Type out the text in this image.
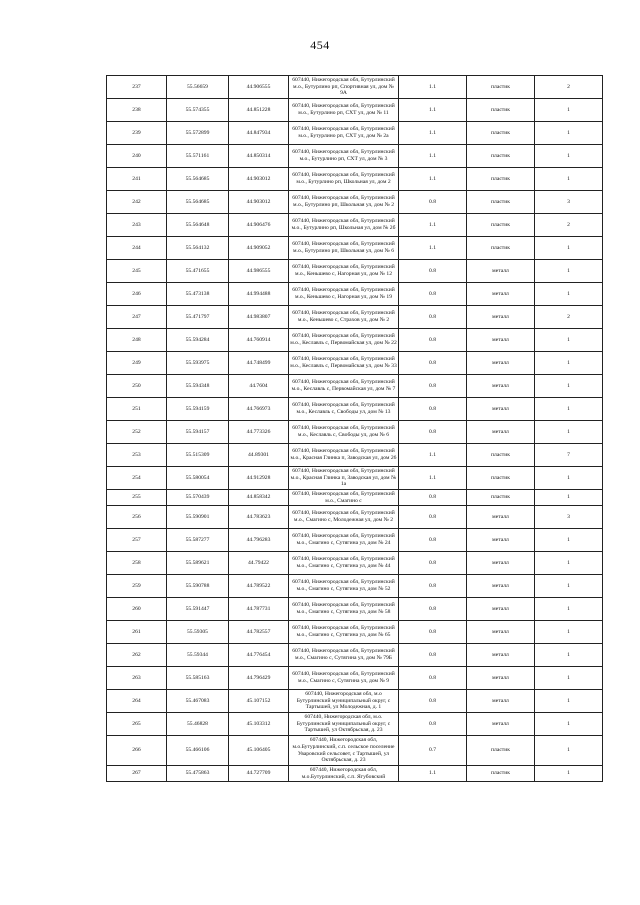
454
237	55.56659	44.906555	607440, Нижегородская обл, Бутурлинский м.о., Бутурлино рп, Спортивная ул, дом № 9А	1.1	пластик	2
238	55.574355	44.851228	607440, Нижегородская обл, Бутурлинский м.о., Бутурлино рп, СХТ ул, дом № 11	1.1	пластик	1
239	55.572899	44.847934	607440, Нижегородская обл, Бутурлинский м.о., Бутурлино рп, СХТ ул, дом № 2а	1.1	пластик	1
240	55.571161	44.850314	607440, Нижегородская обл, Бутурлинский м.о., Бутурлино рп, СХТ ул, дом № 3	1.1	пластик	1
241	55.564685	44.903012	607440, Нижегородская обл, Бутурлинский м.о., Бутурлино рп, Школьная ул, дом 2	1.1	пластик	1
242	55.564685	44.903012	607440, Нижегородская обл, Бутурлинский м.о., Бутурлино рп, Школьная ул, дом № 2	0.8	пластик	3
243	55.564648	44.906476	607440, Нижегородская обл, Бутурлинский м.о., Бутурлино рп, Школьная ул, дом № 2б	1.1	пластик	2
244	55.564132	44.909052	607440, Нижегородская обл, Бутурлинский м.о., Бутурлино рп, Школьная ул, дом № 6	1.1	пластик	1
245	55.471655	44.986555	607440, Нижегородская обл, Бутурлинский м.о., Кеньшево с, Нагорная ул, дом № 12	0.8	металл	1
246	55.473138	44.994488	607440, Нижегородская обл, Бутурлинский м.о., Кеньшево с, Нагорная ул, дом № 19	0.8	металл	1
247	55.471797	44.983807	607440, Нижегородская обл, Бутурлинский м.о., Кеньшево с, Страхов ул, дом № 2	0.8	металл	2
248	55.594284	44.760914	607440, Нижегородская обл, Бутурлинский м.о., Кеславль с, Первомайская ул, дом № 22	0.8	металл	1
249	55.593975	44.748499	607440, Нижегородская обл, Бутурлинский м.о., Кеславль с, Первомайская ул, дом № 33	0.8	металл	1
250	55.594348	44.7604	607440, Нижегородская обл, Бутурлинский м.о., Кеславль с, Первомайская ул, дом № 7	0.8	металл	1
251	55.594159	44.766973	607440, Нижегородская обл, Бутурлинский м.о., Кеславль с, Свободы ул, дом № 13	0.8	металл	1
252	55.594157	44.773326	607440, Нижегородская обл, Бутурлинский м.о., Кеславль с, Свободы ул, дом № 6	0.8	металл	1
253	55.515309	44.89301	607440, Нижегородская обл, Бутурлинский м.о., Красная Глинка п, Заводская ул, дом 26	1.1	пластик	7
254	55.580054	44.912928	607440, Нижегородская обл, Бутурлинский м.о., Красная Глинка п, Заводская ул, дом № 1а	1.1	пластик	1
255	55.570439	44.858342	607440, Нижегородская обл, Бутурлинский м.о., Смагино с	0.8	пластик	1
256	55.590901	44.783623	607440, Нижегородская обл, Бутурлинский м.о., Смагино с, Молодежная ул, дом № 2	0.8	металл	3
257	55.587277	44.796283	607440, Нижегородская обл, Бутурлинский м.о., Смагино с, Сутягина ул, дом № 24	0.8	металл	1
258	55.589621	44.79422	607440, Нижегородская обл, Бутурлинский м.о., Смагино с, Сутягина ул, дом № 44	0.8	металл	1
259	55.590788	44.789522	607440, Нижегородская обл, Бутурлинский м.о., Смагино с, Сутягина ул, дом № 52	0.8	металл	1
260	55.591447	44.787731	607440, Нижегородская обл, Бутурлинский м.о., Смагино с, Сутягина ул, дом № 58	0.8	металл	1
261	55.59305	44.782557	607440, Нижегородская обл, Бутурлинский м.о., Смагино с, Сутягина ул, дом № 65	0.8	металл	1
262	55.59344	44.776454	607440, Нижегородская обл, Бутурлинский м.о., Смагино с, Сутягина ул, дом № 79Б	0.8	металл	1
263	55.585163	44.796429	607440, Нижегородская обл, Бутурлинский м.о., Смагино с, Сутягина ул, дом № 9	0.8	металл	1
264	55.467083	45.107152	607440, Нижегородская обл, м.о Бутурлинский муниципальный округ, с Тартышей, ул Молодежная, д. 1	0.8	металл	1
265	55.46828	45.103312	607440, Нижегородская обл, м.о. Бутурлинский муниципальный округ, с Тартышей, ул Октябрьская, д. 23	0.8	металл	1
266	55.466106	45.106405	607440, Нижегородская обл, м.о.Бутурлинский, с.п. сельское поселение Уваровский сельсовет, с Тартышей, ул Октябрьская, д. 23	0.7	пластик	1
267	55.475863	44.727709	607440, Нижегородская обл, м.о.Бутурлинский, с.п. Ягубовский	1.1	пластик	1
